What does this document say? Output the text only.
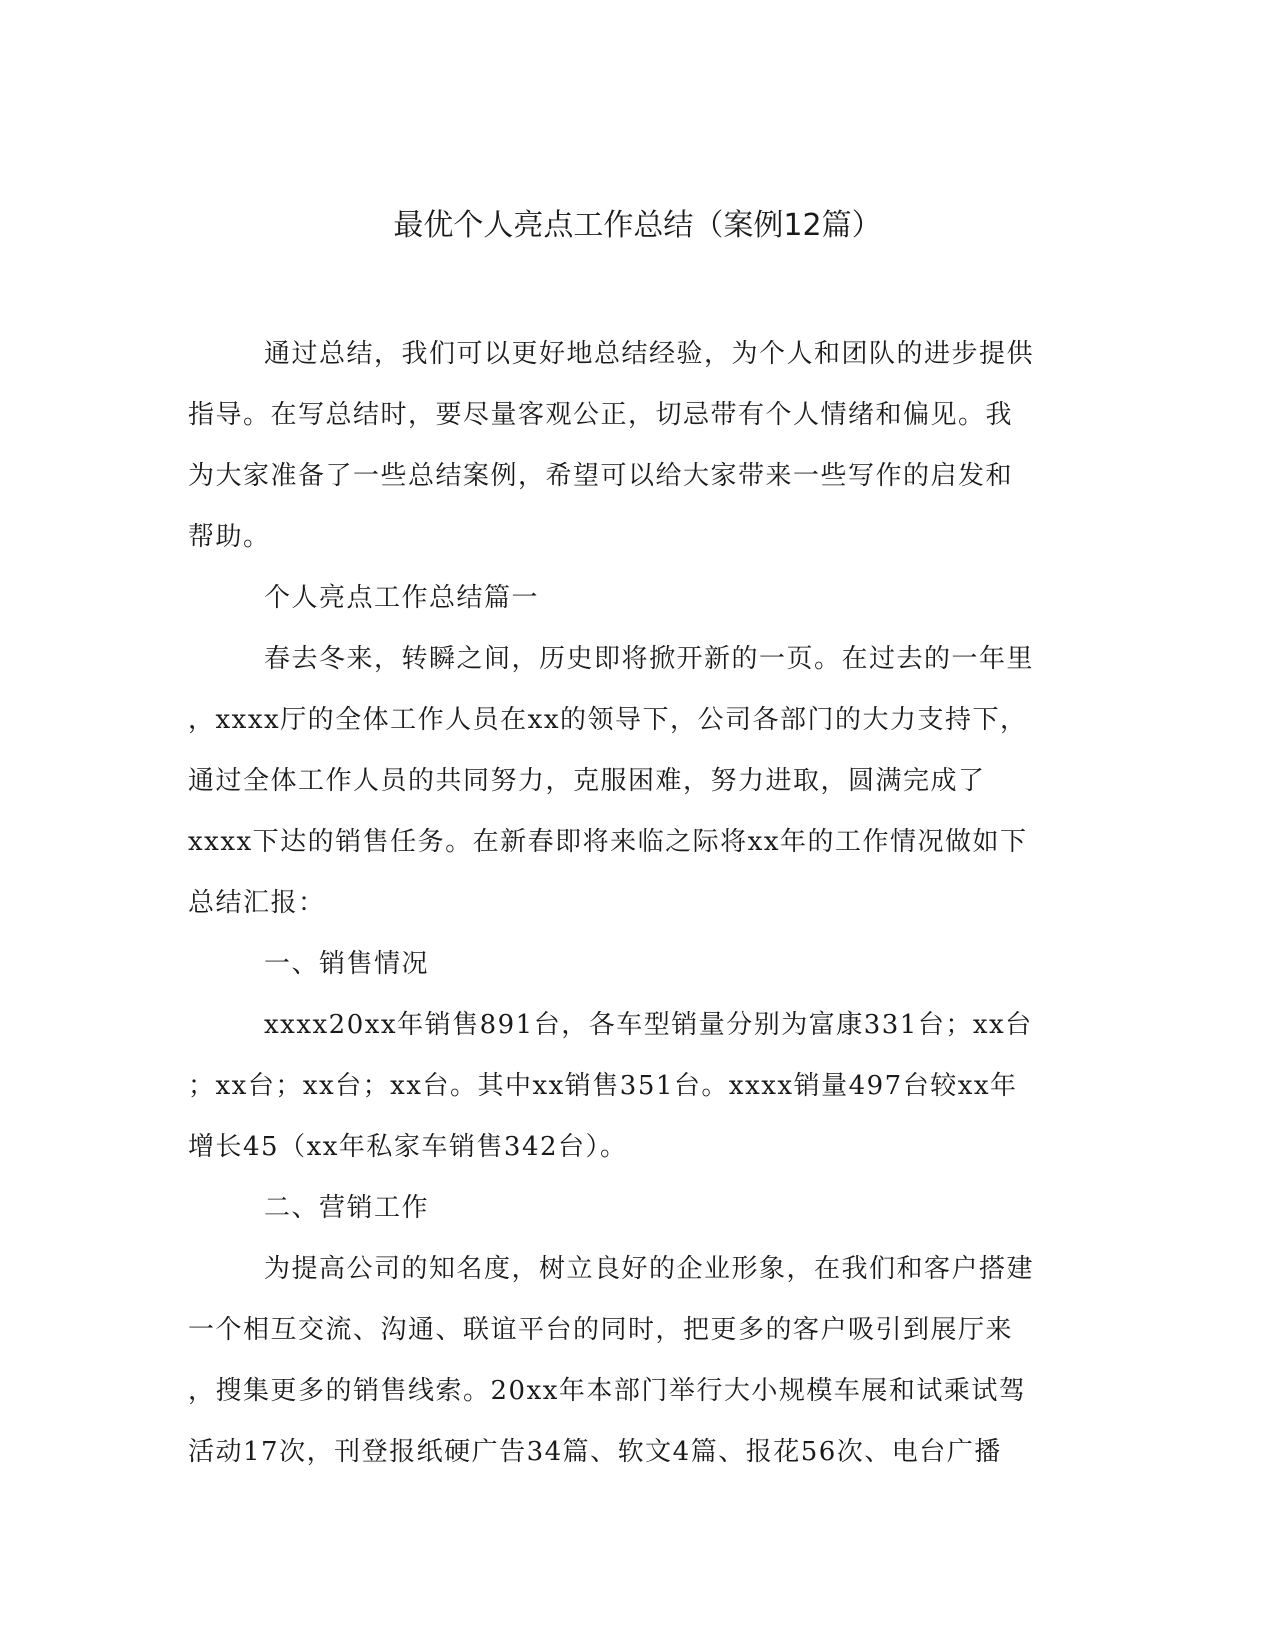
最优个人亮点工作总结（案例12篇）
通过总结，我们可以更好地总结经验，为个人和团队的进步提供
指导。在写总结时，要尽量客观公正，切忌带有个人情绪和偏见。我
为大家准备了一些总结案例，希望可以给大家带来一些写作的启发和
帮助。

个人亮点工作总结篇一

春去冬来，转瞬之间，历史即将掀开新的一页。在过去的一年里
，xxxx厅的全体工作人员在xx的领导下，公司各部门的大力支持下，
通过全体工作人员的共同努力，克服困难，努力进取，圆满完成了
xxxx下达的销售任务。在新春即将来临之际将xx年的工作情况做如下
总结汇报：

一、销售情况

xxxx20xx年销售891台，各车型销量分别为富康331台；xx台
；xx台；xx台；xx台。其中xx销售351台。xxxx销量497台较xx年
增长45（xx年私家车销售342台）。

二、营销工作

为提高公司的知名度，树立良好的企业形象，在我们和客户搭建
一个相互交流、沟通、联谊平台的同时，把更多的客户吸引到展厅来
，搜集更多的销售线索。20xx年本部门举行大小规模车展和试乘试驾
活动17次，刊登报纸硬广告34篇、软文4篇、报花56次、电台广播
